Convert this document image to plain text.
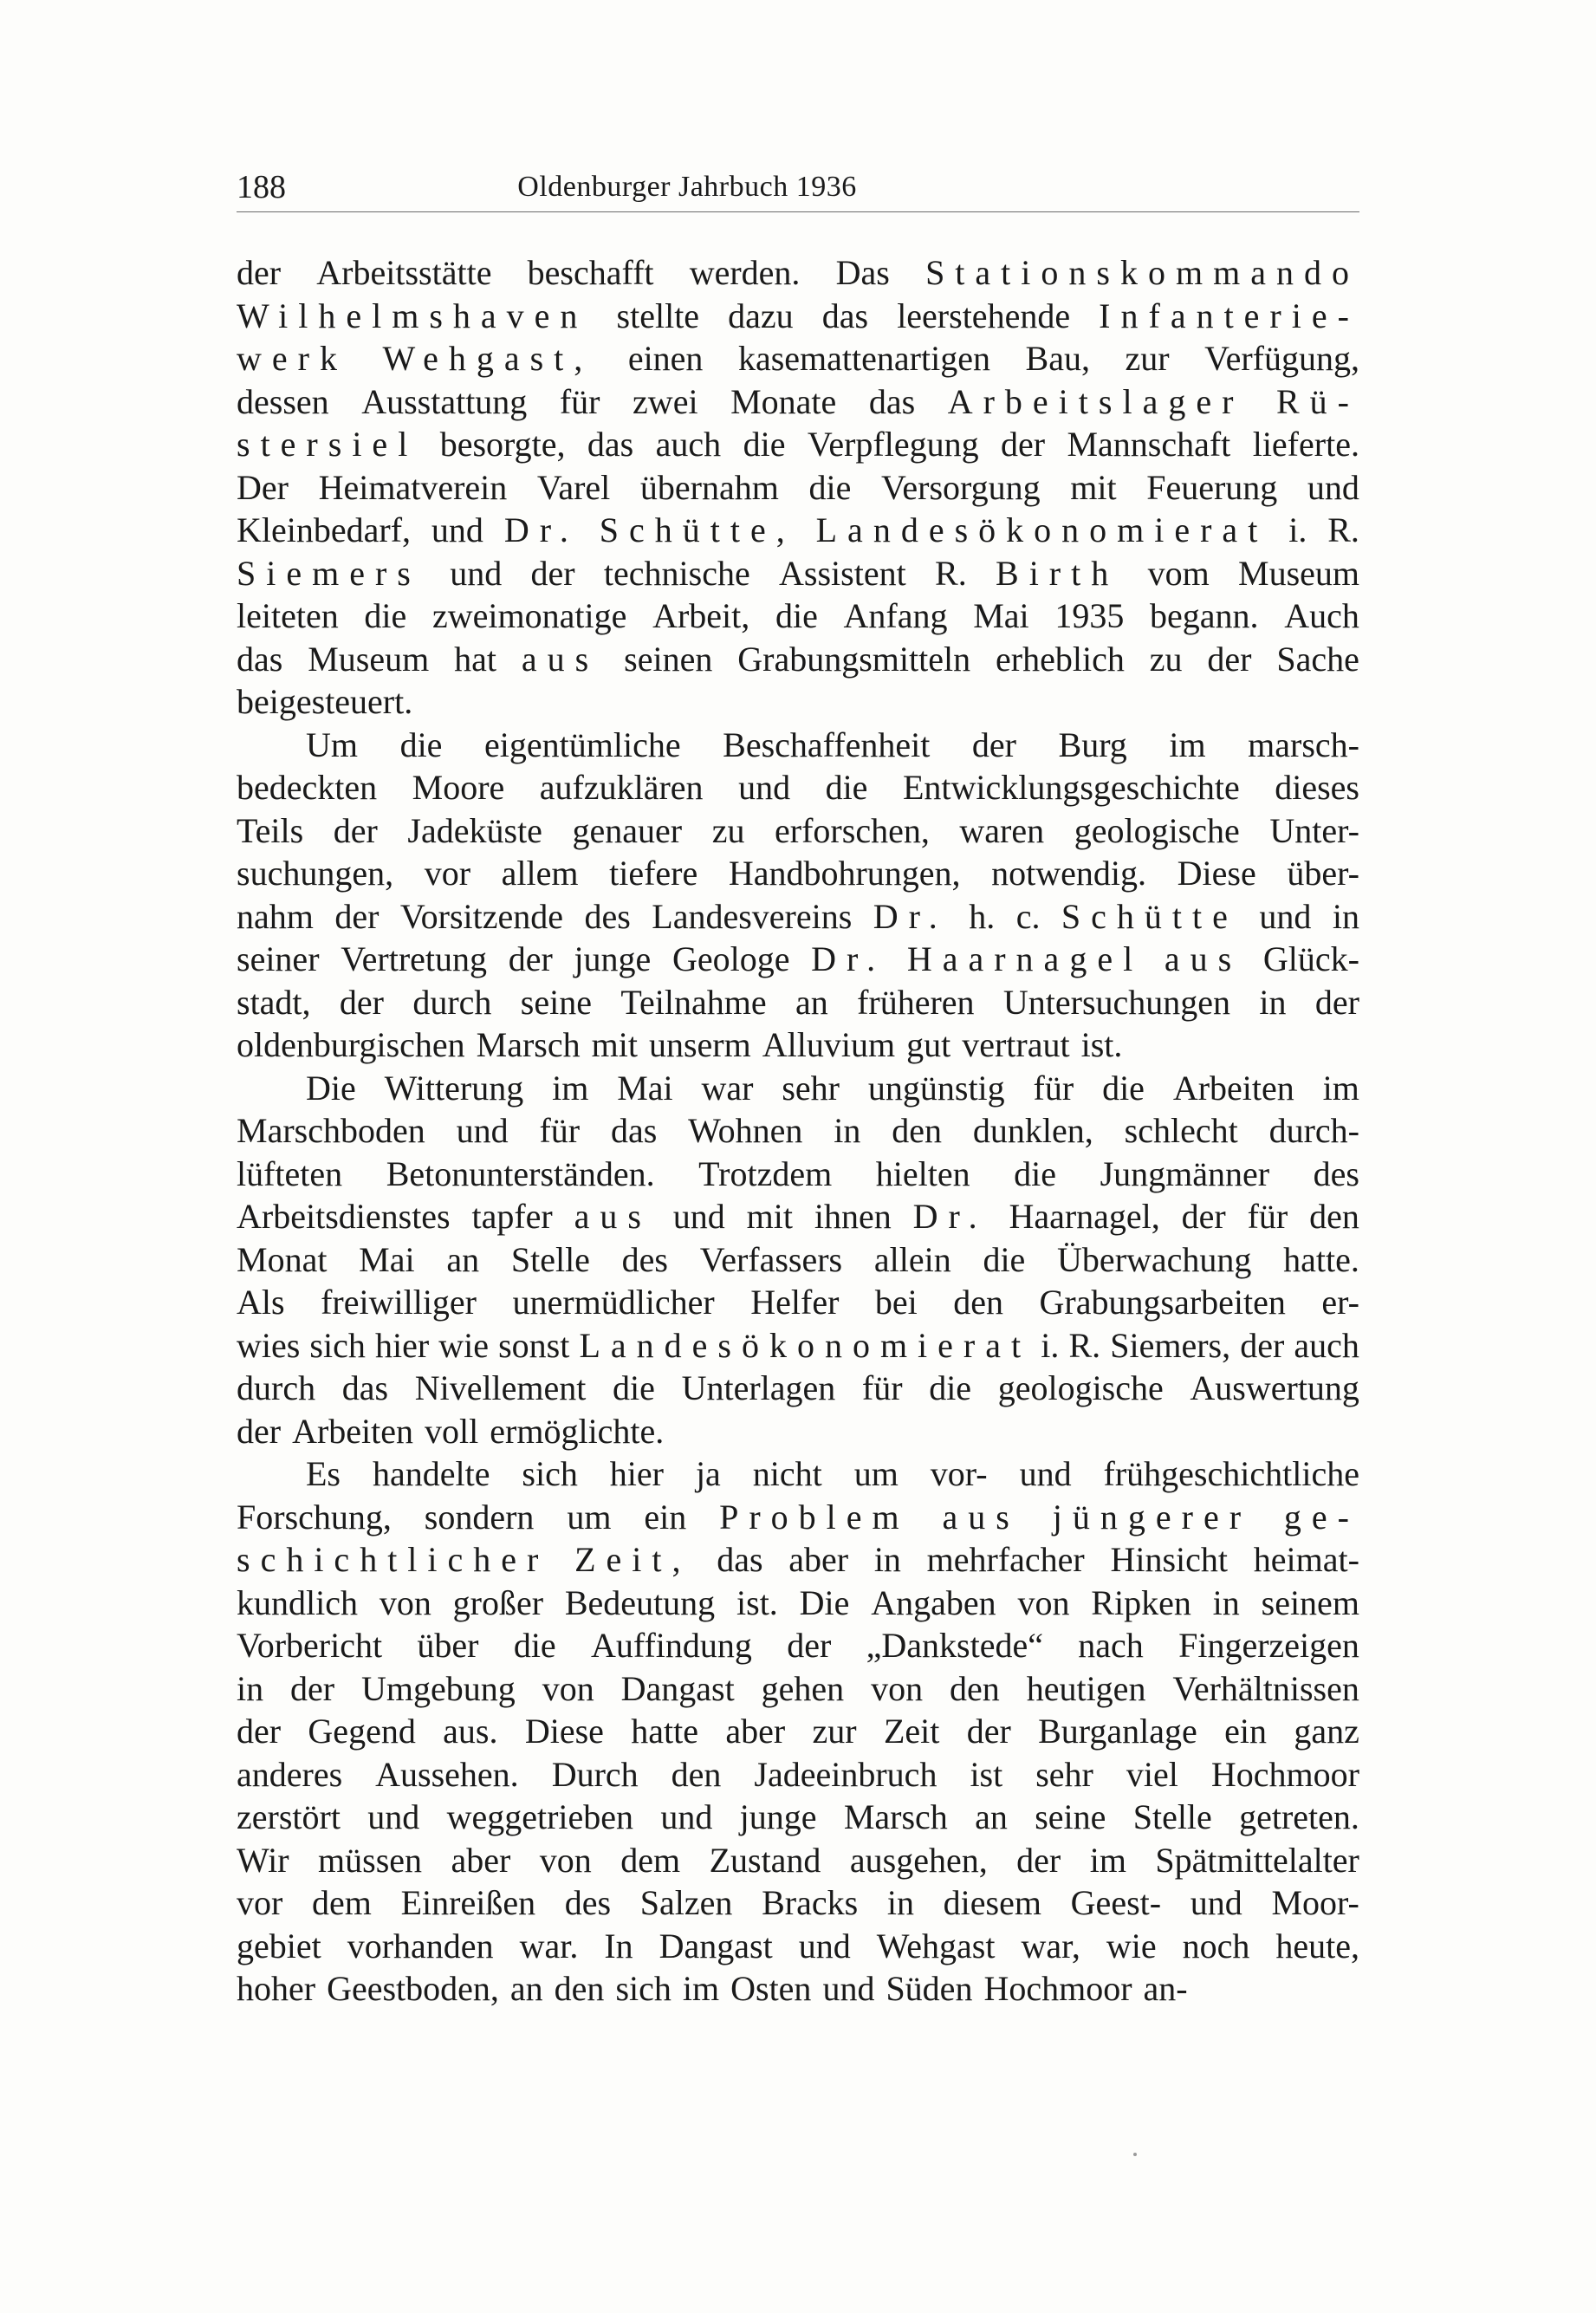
188	Oldenburger Jahrbuch 1936
der Arbeitsstätte beschafft werden. Das Stationskommando
Wilhelmshaven stellte dazu das leerstehende Infanterie-
werk Wehgast, einen kasemattenartigen Bau, zur Verfügung,
dessen Ausstattung für zwei Monate das Arbeitslager Rü-
stersiel besorgte, das auch die Verpflegung der Mannschaft lieferte.
Der Heimatverein Varel übernahm die Versorgung mit Feuerung und
Kleinbedarf, und Dr. Schütte, Landesökonomierat i. R.
Siemers und der technische Assistent R. Birth vom Museum
leiteten die zweimonatige Arbeit, die Anfang Mai 1935 begann. Auch
das Museum hat aus seinen Grabungsmitteln erheblich zu der Sache
beigesteuert.
Um die eigentümliche Beschaffenheit der Burg im marsch-
bedeckten Moore aufzuklären und die Entwicklungsgeschichte dieses
Teils der Jadeküste genauer zu erforschen, waren geologische Unter-
suchungen, vor allem tiefere Handbohrungen, notwendig. Diese über-
nahm der Vorsitzende des Landesvereins Dr. h. c. Schütte und in
seiner Vertretung der junge Geologe Dr. Haarnagel aus Glück-
stadt, der durch seine Teilnahme an früheren Untersuchungen in der
oldenburgischen Marsch mit unserm Alluvium gut vertraut ist.
Die Witterung im Mai war sehr ungünstig für die Arbeiten im
Marschboden und für das Wohnen in den dunklen, schlecht durch-
lüfteten Betonunterständen. Trotzdem hielten die Jungmänner des
Arbeitsdienstes tapfer aus und mit ihnen Dr. Haarnagel, der für den
Monat Mai an Stelle des Verfassers allein die Überwachung hatte.
Als freiwilliger unermüdlicher Helfer bei den Grabungsarbeiten er-
wies sich hier wie sonst Landesökonomierat i. R. Siemers, der auch
durch das Nivellement die Unterlagen für die geologische Auswertung
der Arbeiten voll ermöglichte.
Es handelte sich hier ja nicht um vor- und frühgeschichtliche
Forschung, sondern um ein Problem aus jüngerer ge-
schichtlicher Zeit, das aber in mehrfacher Hinsicht heimat-
kundlich von großer Bedeutung ist. Die Angaben von Ripken in seinem
Vorbericht über die Auffindung der „Dankstede“ nach Fingerzeigen
in der Umgebung von Dangast gehen von den heutigen Verhältnissen
der Gegend aus. Diese hatte aber zur Zeit der Burganlage ein ganz
anderes Aussehen. Durch den Jadeeinbruch ist sehr viel Hochmoor
zerstört und weggetrieben und junge Marsch an seine Stelle getreten.
Wir müssen aber von dem Zustand ausgehen, der im Spätmittelalter
vor dem Einreißen des Salzen Bracks in diesem Geest- und Moor-
gebiet vorhanden war. In Dangast und Wehgast war, wie noch heute,
hoher Geestboden, an den sich im Osten und Süden Hochmoor an-
